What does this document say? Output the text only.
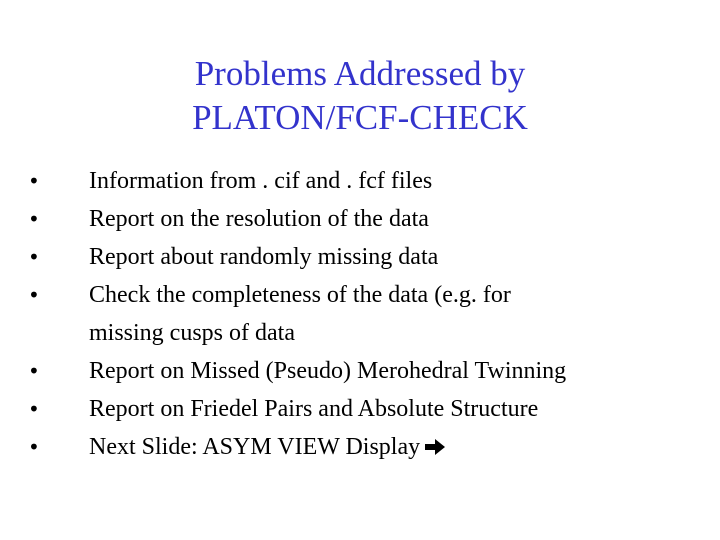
Problems Addressed by
PLATON/FCF-CHECK
• Information from . cif and . fcf files
• Report on the resolution of the data
• Report about randomly missing data
• Check the completeness of the data (e.g. for
missing cusps of data
• Report on Missed (Pseudo) Merohedral Twinning
• Report on Friedel Pairs and Absolute Structure
• Next Slide: ASYM VIEW Display
